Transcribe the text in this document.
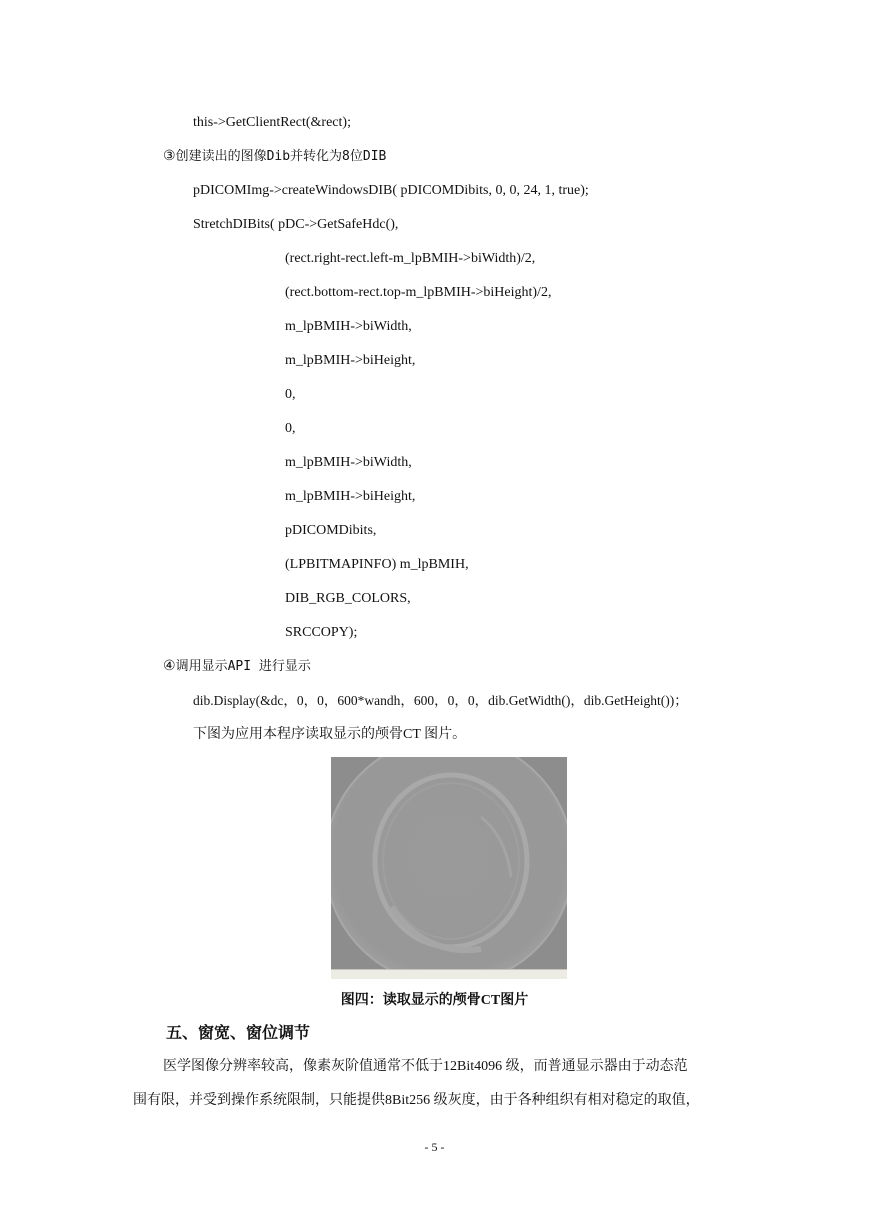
this->GetClientRect(&rect);
③创建读出的图像Dib并转化为8位DIB
pDICOMImg->createWindowsDIB( pDICOMDibits, 0, 0, 24, 1, true);
StretchDIBits( pDC->GetSafeHdc(),
(rect.right-rect.left-m_lpBMIH->biWidth)/2,
(rect.bottom-rect.top-m_lpBMIH->biHeight)/2,
m_lpBMIH->biWidth,
m_lpBMIH->biHeight,
0,
0,
m_lpBMIH->biWidth,
m_lpBMIH->biHeight,
pDICOMDibits,
(LPBITMAPINFO) m_lpBMIH,
DIB_RGB_COLORS,
SRCCOPY);
④调用显示API 进行显示
dib.Display(&dc，0，0，600*wandh，600，0，0，dib.GetWidth()，dib.GetHeight())；
下图为应用本程序读取显示的颅骨CT 图片。
图四：读取显示的颅骨CT图片
五、窗宽、窗位调节
医学图像分辨率较高，像素灰阶值通常不低于12Bit4096 级，而普通显示器由于动态范
围有限，并受到操作系统限制，只能提供8Bit256 级灰度，由于各种组织有相对稳定的取值，
- 5 -
